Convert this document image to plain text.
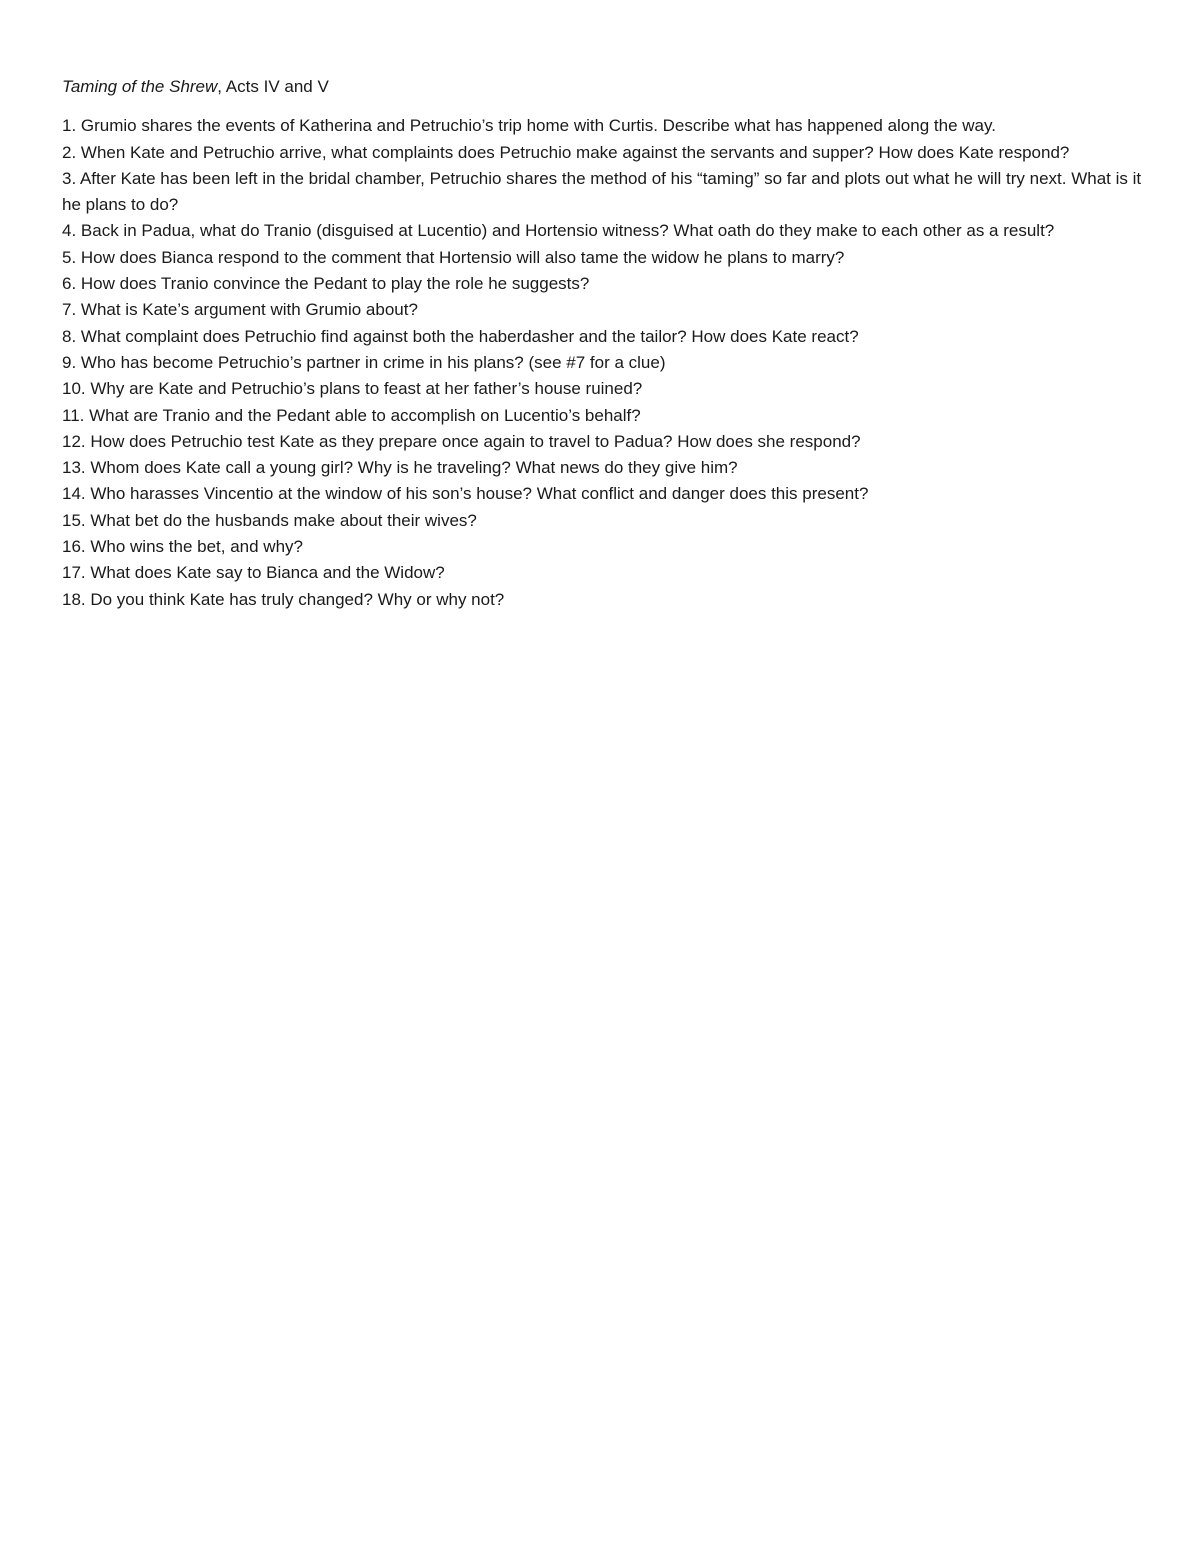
Taming of the Shrew, Acts IV and V

1. Grumio shares the events of Katherina and Petruchio’s trip home with Curtis. Describe what has happened along the way.
2. When Kate and Petruchio arrive, what complaints does Petruchio make against the servants and supper? How does Kate respond?
3. After Kate has been left in the bridal chamber, Petruchio shares the method of his “taming” so far and plots out what he will try next. What is it he plans to do?
4. Back in Padua, what do Tranio (disguised at Lucentio) and Hortensio witness? What oath do they make to each other as a result?
5. How does Bianca respond to the comment that Hortensio will also tame the widow he plans to marry?
6. How does Tranio convince the Pedant to play the role he suggests?
7. What is Kate’s argument with Grumio about?
8. What complaint does Petruchio find against both the haberdasher and the tailor? How does Kate react?
9. Who has become Petruchio’s partner in crime in his plans? (see #7 for a clue)
10. Why are Kate and Petruchio’s plans to feast at her father’s house ruined?
11. What are Tranio and the Pedant able to accomplish on Lucentio’s behalf?
12. How does Petruchio test Kate as they prepare once again to travel to Padua? How does she respond?
13. Whom does Kate call a young girl? Why is he traveling? What news do they give him?
14. Who harasses Vincentio at the window of his son’s house? What conflict and danger does this present?
15. What bet do the husbands make about their wives?
16. Who wins the bet, and why?
17. What does Kate say to Bianca and the Widow?
18. Do you think Kate has truly changed? Why or why not?
